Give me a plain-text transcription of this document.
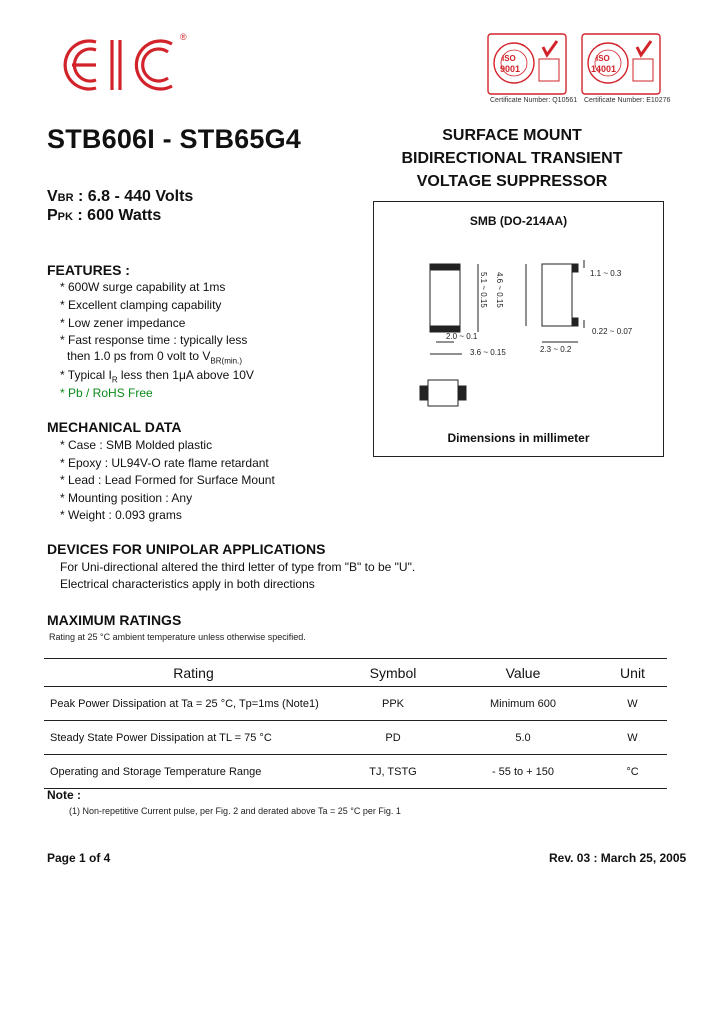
®
ISO
9001
Certificate Number: Q10561
ISO
14001
Certificate Number: E10276
STB606I - STB65G4	SURFACE MOUNT
BIDIRECTIONAL TRANSIENT
VOLTAGE SUPPRESSOR
VBR : 6.8 - 440 Volts
PPK : 600 Watts
FEATURES :
* 600W surge capability at 1ms
* Excellent clamping capability
* Low zener impedance
* Fast response time : typically less
then 1.0 ps from 0 volt to $V_{BR(min.)}$
* Typical $I_R$ less then 1μA above 10V
* Pb / RoHS Free
MECHANICAL DATA
* Case : SMB Molded plastic
* Epoxy : UL94V-O rate flame retardant
* Lead : Lead Formed for Surface Mount
* Mounting position : Any
* Weight : 0.093 grams
DEVICES FOR UNIPOLAR APPLICATIONS
For Uni-directional altered the third letter of type from "B" to be "U".
Electrical characteristics apply in both directions
SMB (DO-214AA)
1.1 ~ 0.3
4.6 ~ 0.15
5.1 ~ 0.15
2.0 ~ 0.1
3.6 ~ 0.15	2.3 ~ 0.2
0.22 ~ 0.07
Dimensions in millimeter
MAXIMUM RATINGS
Rating at 25 °C ambient temperature unless otherwise specified.
Rating	Symbol	Value	Unit
Peak Power Dissipation at Ta = 25 °C, Tp=1ms (Note1)	PPK	Minimum 600	W
Steady State Power Dissipation at TL = 75 °C	PD	5.0	W
Operating and Storage Temperature Range	TJ, TSTG	- 55 to + 150	°C
Note :
(1) Non-repetitive Current pulse, per Fig. 2 and derated above Ta = 25 °C per Fig. 1
Page 1 of 4	Rev. 03 : March 25, 2005
